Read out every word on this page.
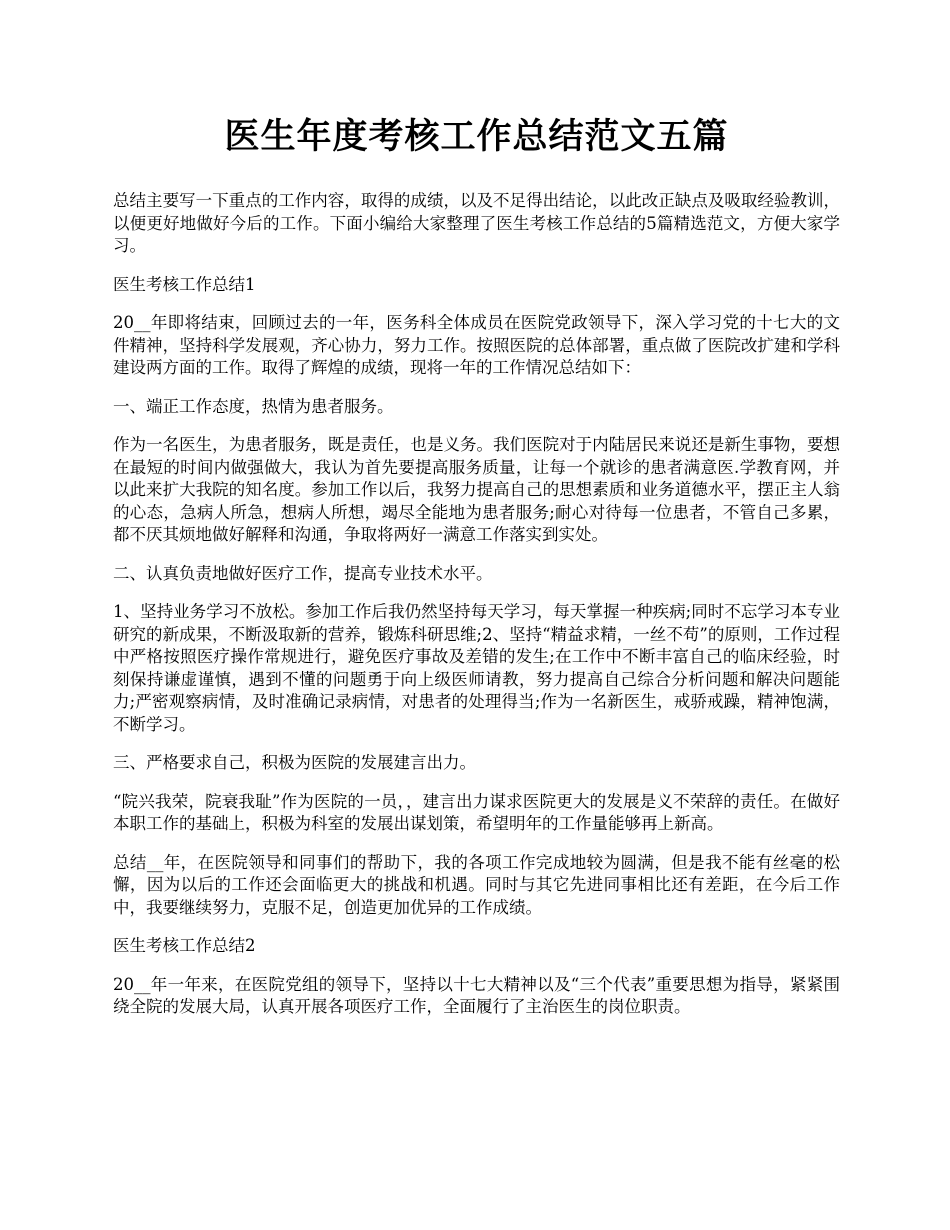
医生年度考核工作总结范文五篇

总结主要写一下重点的工作内容，取得的成绩，以及不足得出结论，以此改正缺点及吸取经验教训，以便更好地做好今后的工作。下面小编给大家整理了医生考核工作总结的5篇精选范文，方便大家学习。

医生考核工作总结1

20__年即将结束，回顾过去的一年，医务科全体成员在医院党政领导下，深入学习党的十七大的文件精神，坚持科学发展观，齐心协力，努力工作。按照医院的总体部署，重点做了医院改扩建和学科建设两方面的工作。取得了辉煌的成绩，现将一年的工作情况总结如下：

一、端正工作态度，热情为患者服务。

作为一名医生，为患者服务，既是责任，也是义务。我们医院对于内陆居民来说还是新生事物，要想在最短的时间内做强做大，我认为首先要提高服务质量，让每一个就诊的患者满意医.学教育网，并以此来扩大我院的知名度。参加工作以后，我努力提高自己的思想素质和业务道德水平，摆正主人翁的心态，急病人所急，想病人所想，竭尽全能地为患者服务;耐心对待每一位患者，不管自己多累，都不厌其烦地做好解释和沟通，争取将两好一满意工作落实到实处。

二、认真负责地做好医疗工作，提高专业技术水平。

1、坚持业务学习不放松。参加工作后我仍然坚持每天学习，每天掌握一种疾病;同时不忘学习本专业研究的新成果，不断汲取新的营养，锻炼科研思维;2、坚持“精益求精，一丝不苟”的原则，工作过程中严格按照医疗操作常规进行，避免医疗事故及差错的发生;在工作中不断丰富自己的临床经验，时刻保持谦虚谨慎，遇到不懂的问题勇于向上级医师请教，努力提高自己综合分析问题和解决问题能力;严密观察病情，及时准确记录病情，对患者的处理得当;作为一名新医生，戒骄戒躁，精神饱满，不断学习。

三、严格要求自己，积极为医院的发展建言出力。

“院兴我荣，院衰我耻”作为医院的一员，，建言出力谋求医院更大的发展是义不荣辞的责任。在做好本职工作的基础上，积极为科室的发展出谋划策，希望明年的工作量能够再上新高。

总结__年，在医院领导和同事们的帮助下，我的各项工作完成地较为圆满，但是我不能有丝毫的松懈，因为以后的工作还会面临更大的挑战和机遇。同时与其它先进同事相比还有差距，在今后工作中，我要继续努力，克服不足，创造更加优异的工作成绩。

医生考核工作总结2

20__年一年来，在医院党组的领导下，坚持以十七大精神以及“三个代表”重要思想为指导，紧紧围绕全院的发展大局，认真开展各项医疗工作，全面履行了主治医生的岗位职责。
